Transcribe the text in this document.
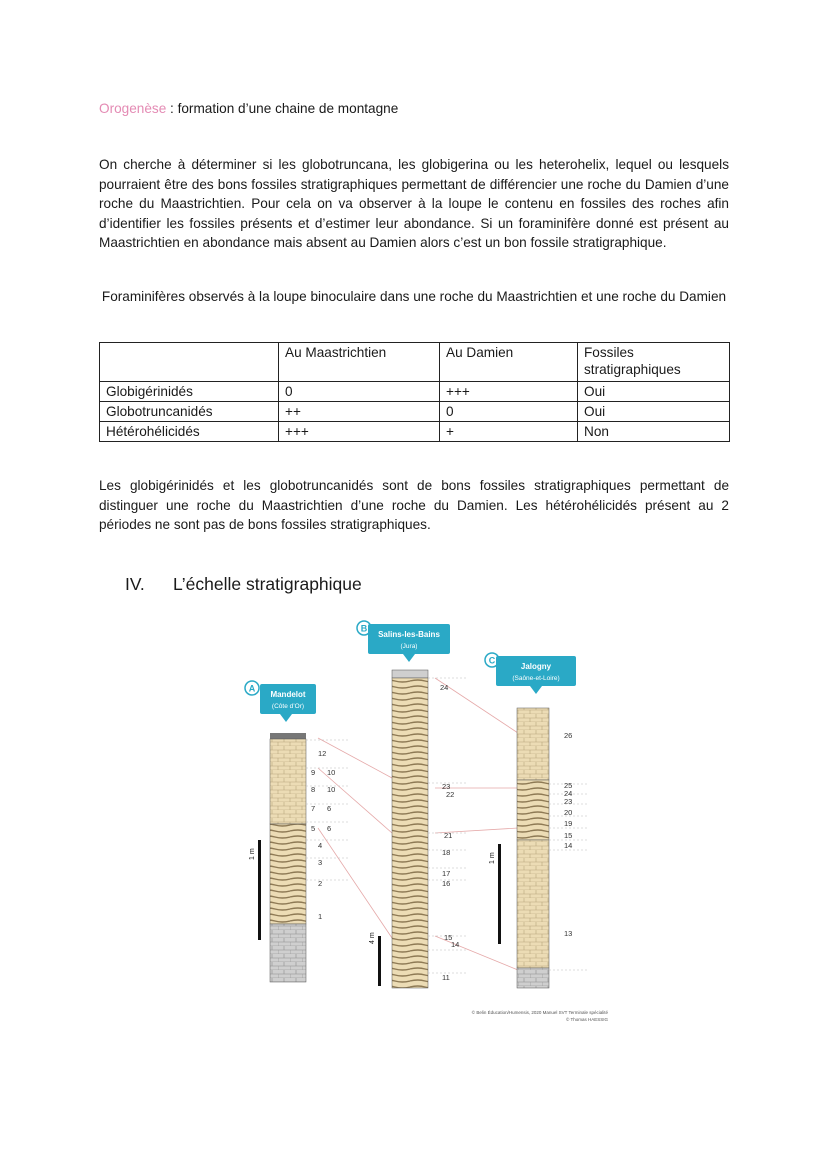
Orogenèse : formation d’une chaine de montagne

On cherche à déterminer si les globotruncana, les globigerina ou les heterohelix, lequel ou lesquels pourraient être des bons fossiles stratigraphiques permettant de différencier une roche du Damien d’une roche du Maastrichtien. Pour cela on va observer à la loupe le contenu en fossiles des roches afin d’identifier les fossiles présents et d’estimer leur abondance. Si un foraminifère donné est présent au Maastrichtien en abondance mais absent au Damien alors c’est un bon fossile stratigraphique.

Foraminifères observés à la loupe binoculaire dans une roche du Maastrichtien et une roche du Damien
	Au Maastrichtien	Au Damien	Fossiles stratigraphiques
Globigérinidés	0	+++	Oui
Globotruncanidés	++	0	Oui
Hétérohélicidés	+++	+	Non

Les globigérinidés et les globotruncanidés sont de bons fossiles stratigraphiques permettant de distinguer une roche du Maastrichtien d’une roche du Damien. Les hétérohélicidés présent au 2 périodes ne sont pas de bons fossiles stratigraphiques.

IV. L’échelle stratigraphique
12
9 10
8 10
7 6
5 6
4
3
2
1
1 m
A
Mandelot
(Côte d’Or)
24
23
22
21
18
17
16
15
14
11
4 m
B
Salins-les-Bains
(Jura)
26
25
24
23
20
19
15
14
13
1 m
C
Jalogny
(Saône-et-Loire)
© Belin Éducation/Humensis, 2020 Manuel SVT Terminale spécialité
© Thomas HAESSIG
